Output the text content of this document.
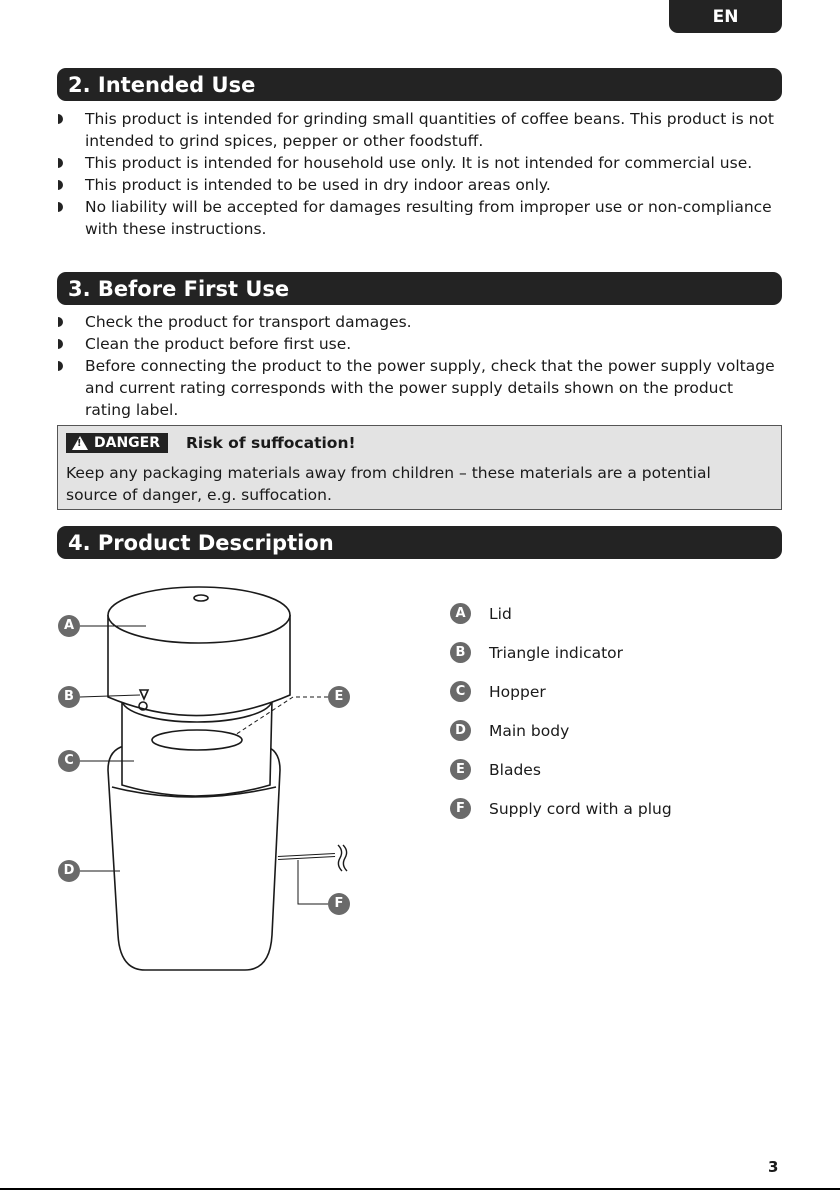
EN
2. Intended Use
This product is intended for grinding small quantities of coffee beans. This product is not intended to grind spices, pepper or other foodstuff.
This product is intended for household use only. It is not intended for commercial use.
This product is intended to be used in dry indoor areas only.
No liability will be accepted for damages resulting from improper use or non-compliance with these instructions.
3. Before First Use
Check the product for transport damages.
Clean the product before first use.
Before connecting the product to the power supply, check that the power supply voltage and current rating corresponds with the power supply details shown on the product rating label.
!
DANGER Risk of suffocation!
Keep any packaging materials away from children – these materials are a potential source of danger, e.g. suffocation.
4. Product Description
A
B
C
D
E
F
A	Lid
B	Triangle indicator
C	Hopper
D	Main body
E	Blades
F	Supply cord with a plug
3
